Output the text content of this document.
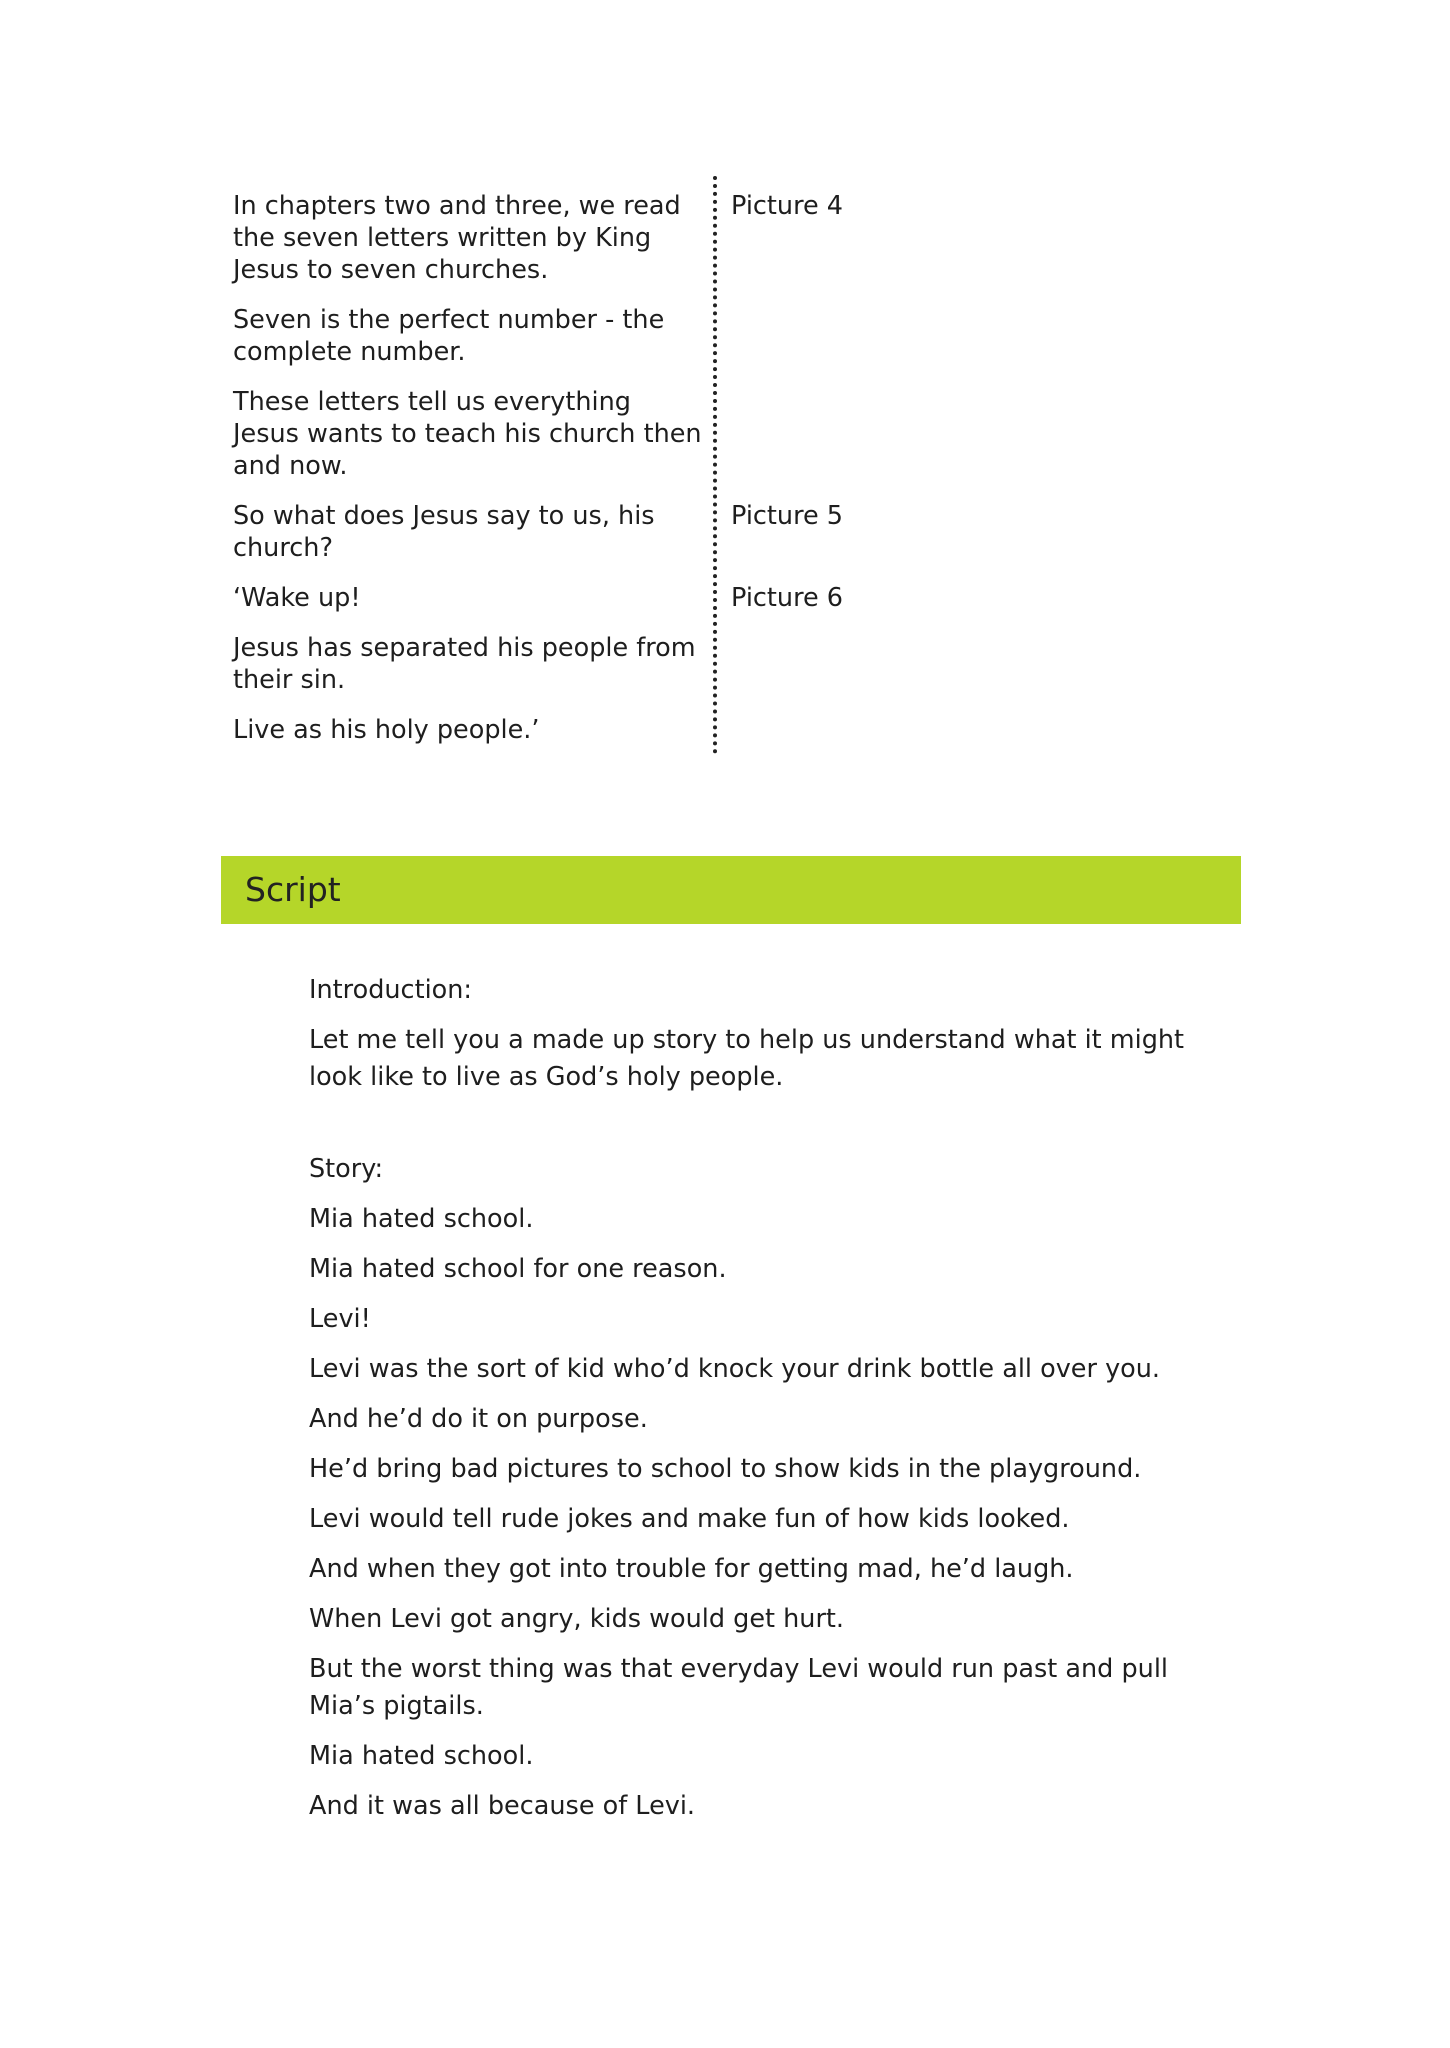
In chapters two and three, we read the seven letters written by King Jesus to seven churches.

Seven is the perfect number - the complete number.

These letters tell us everything Jesus wants to teach his church then and now.

So what does Jesus say to us, his church?

‘Wake up!

Jesus has separated his people from their sin.

Live as his holy people.’

Picture 4

Picture 5

Picture 6

Script

Introduction:

Let me tell you a made up story to help us understand what it might look like to live as God’s holy people.

Story:

Mia hated school.

Mia hated school for one reason.

Levi!

Levi was the sort of kid who’d knock your drink bottle all over you.

And he’d do it on purpose.

He’d bring bad pictures to school to show kids in the playground.

Levi would tell rude jokes and make fun of how kids looked.

And when they got into trouble for getting mad, he’d laugh.

When Levi got angry, kids would get hurt.

But the worst thing was that everyday Levi would run past and pull Mia’s pigtails.

Mia hated school.

And it was all because of Levi.
